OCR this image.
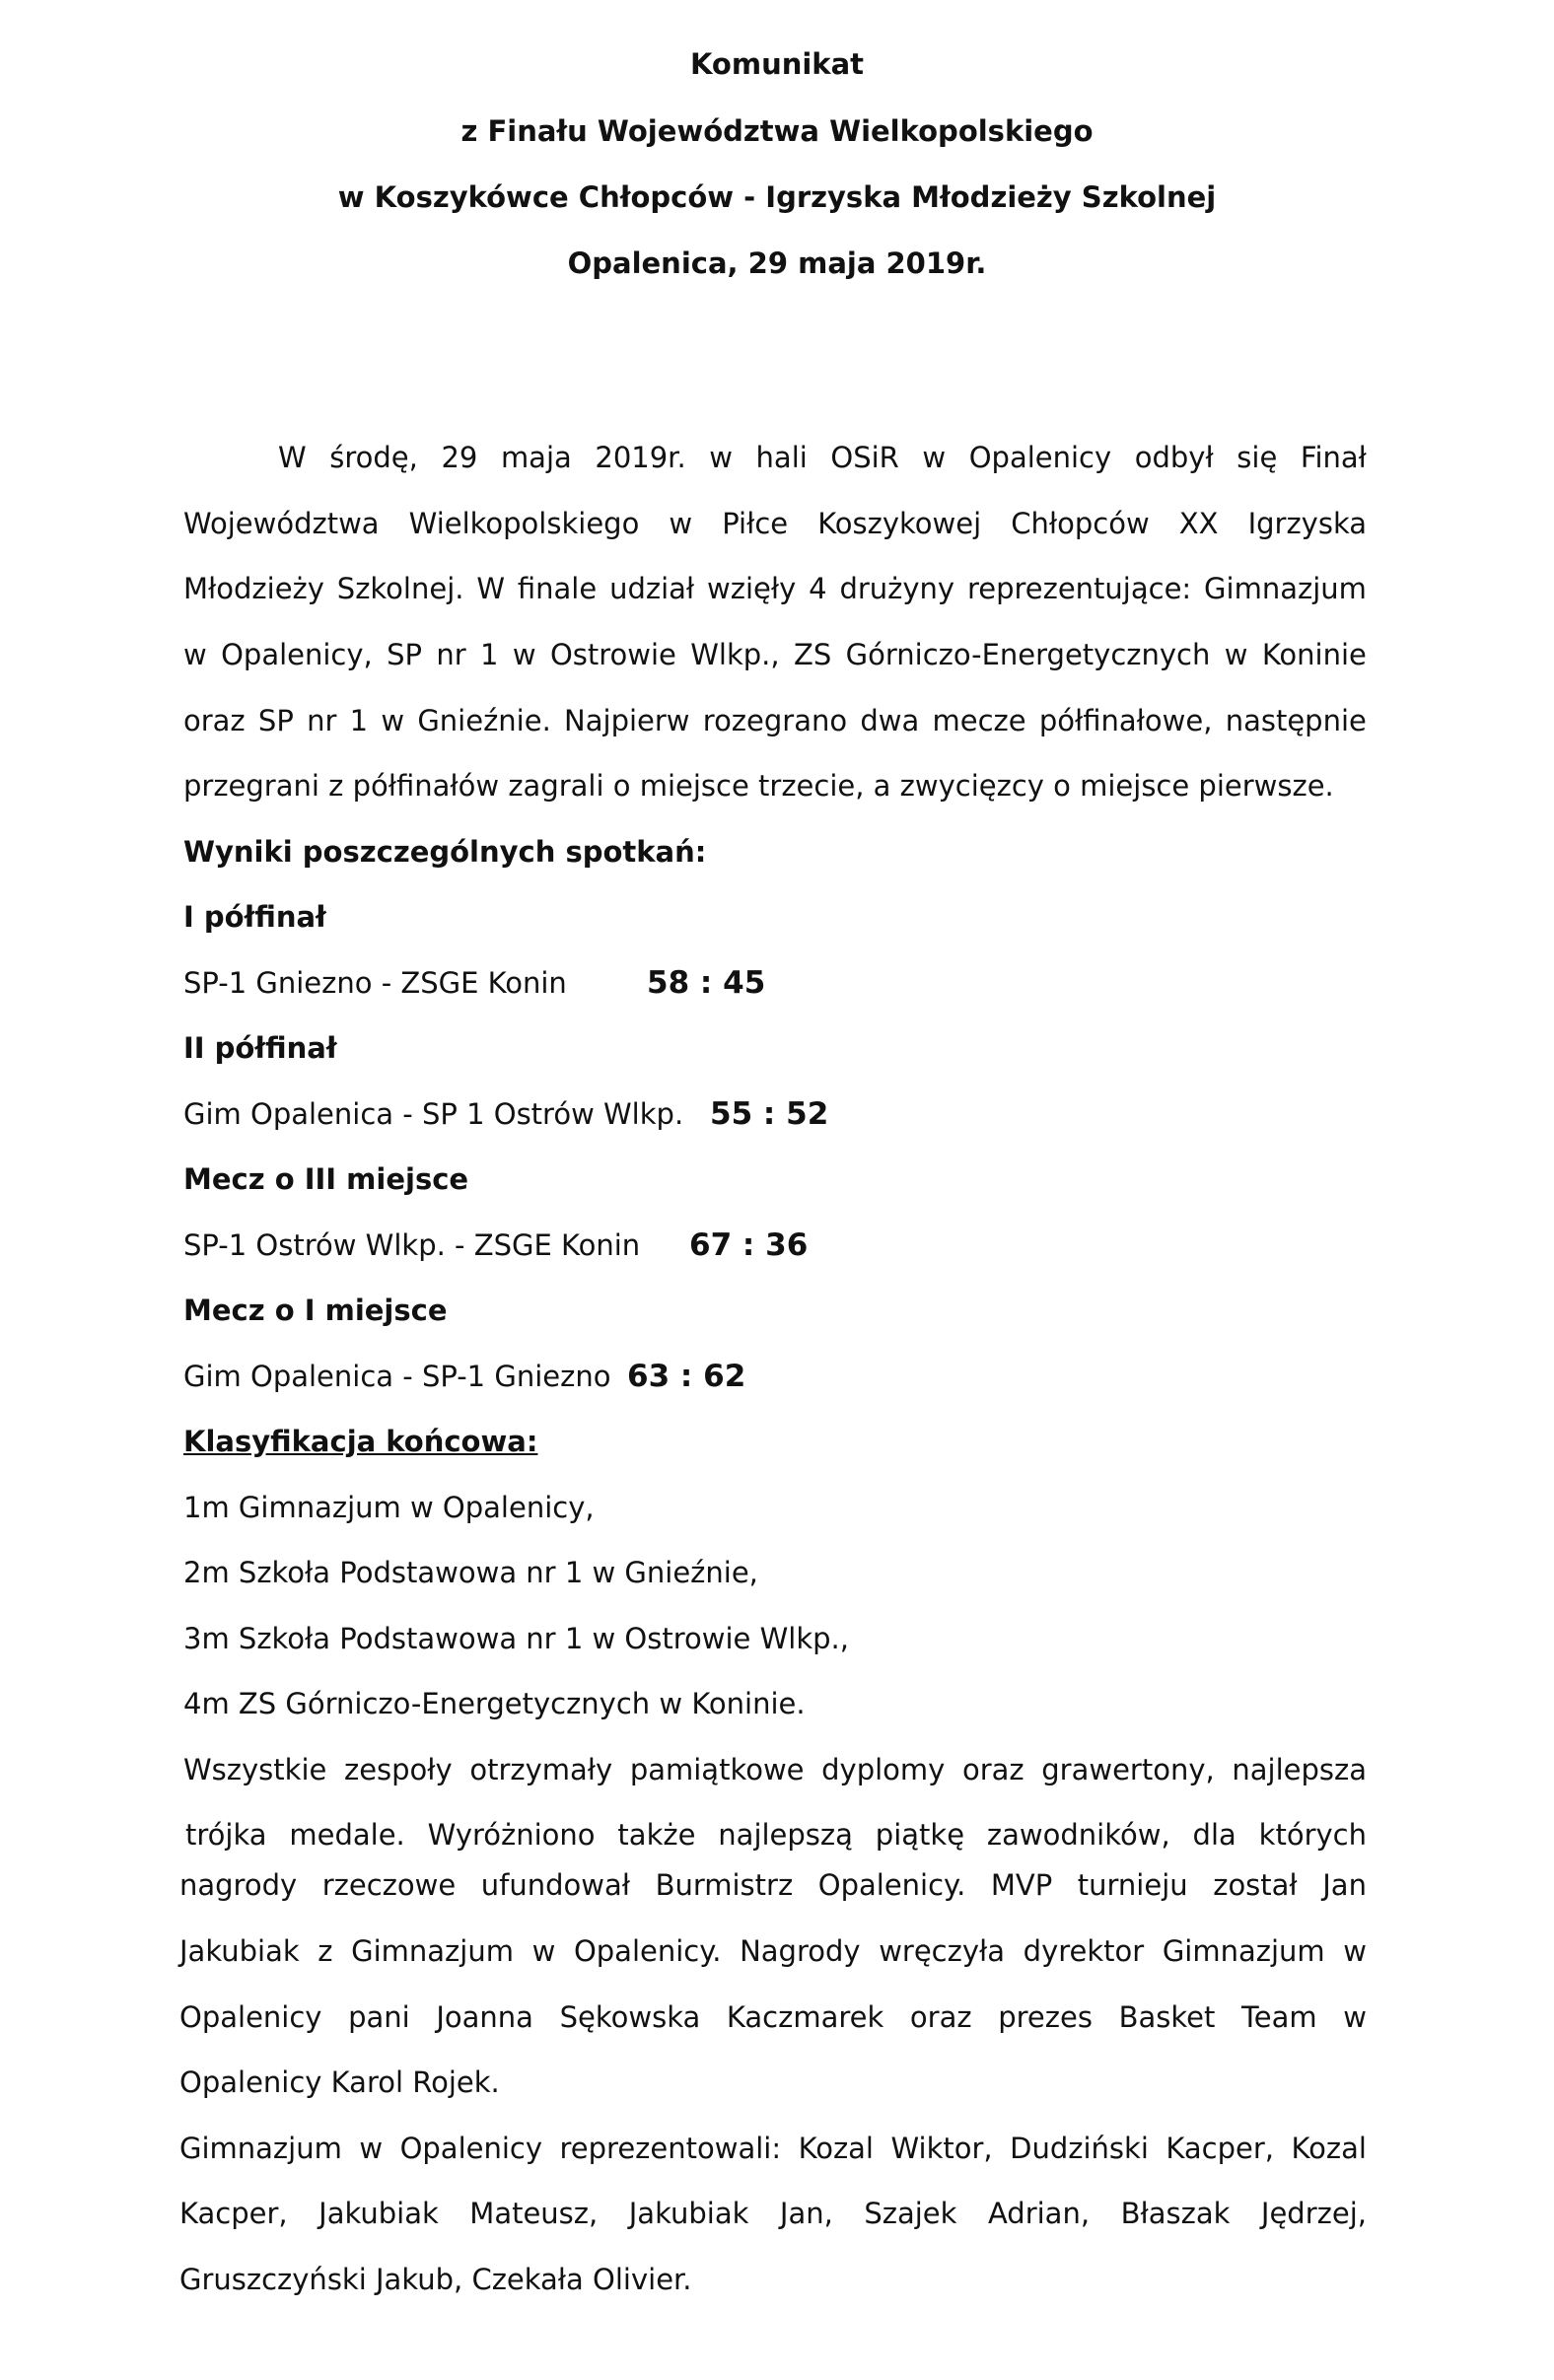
Komunikat
z Finału Województwa Wielkopolskiego
w Koszykówce Chłopców - Igrzyska Młodzieży Szkolnej
Opalenica, 29 maja 2019r.
W środę, 29 maja 2019r. w hali OSiR w Opalenicy odbył się Finał
Województwa Wielkopolskiego w Piłce Koszykowej Chłopców XX Igrzyska
Młodzieży Szkolnej. W finale udział wzięły 4 drużyny reprezentujące: Gimnazjum
w Opalenicy, SP nr 1 w Ostrowie Wlkp., ZS Górniczo-Energetycznych w Koninie
oraz SP nr 1 w Gnieźnie. Najpierw rozegrano dwa mecze półfinałowe, następnie
przegrani z półfinałów zagrali o miejsce trzecie, a zwycięzcy o miejsce pierwsze.
Wyniki poszczególnych spotkań:
I półfinał
SP-1 Gniezno - ZSGE Konin	58 : 45
II półfinał
Gim Opalenica - SP 1 Ostrów Wlkp. 55 : 52
Mecz o III miejsce
SP-1 Ostrów Wlkp. - ZSGE Konin 67 : 36
Mecz o I miejsce
Gim Opalenica - SP-1 Gniezno 63 : 62
Klasyfikacja końcowa:
1m Gimnazjum w Opalenicy,
2m Szkoła Podstawowa nr 1 w Gnieźnie,
3m Szkoła Podstawowa nr 1 w Ostrowie Wlkp.,
4m ZS Górniczo-Energetycznych w Koninie.
Wszystkie zespoły otrzymały pamiątkowe dyplomy oraz grawertony, najlepsza
trójka medale. Wyróżniono także najlepszą piątkę zawodników, dla których
nagrody rzeczowe ufundował Burmistrz Opalenicy. MVP turnieju został Jan
Jakubiak z Gimnazjum w Opalenicy. Nagrody wręczyła dyrektor Gimnazjum w
Opalenicy pani Joanna Sękowska Kaczmarek oraz prezes Basket Team w
Opalenicy Karol Rojek.
Gimnazjum w Opalenicy reprezentowali: Kozal Wiktor, Dudziński Kacper, Kozal
Kacper, Jakubiak Mateusz, Jakubiak Jan, Szajek Adrian, Błaszak Jędrzej,
Gruszczyński Jakub, Czekała Olivier.
